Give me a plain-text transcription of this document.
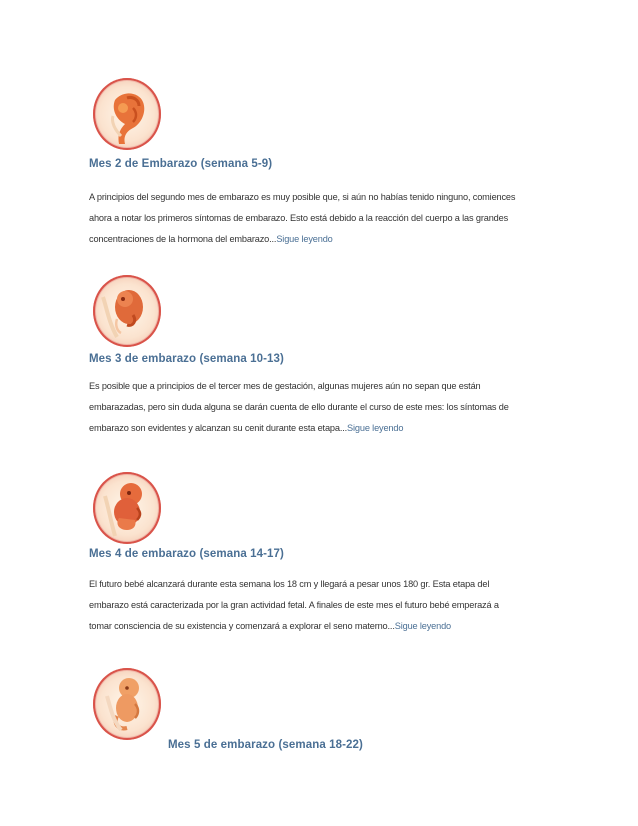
Mes 2 de Embarazo (semana 5-9)
A principios del segundo mes de embarazo es muy posible que, si aún no habías tenido ninguno, comiences
ahora a notar los primeros síntomas de embarazo. Esto está debido a la reacción del cuerpo a las grandes
concentraciones de la hormona del embarazo...Sigue leyendo
Mes 3 de embarazo (semana 10-13)
Es posible que a principios de el tercer mes de gestación, algunas mujeres aún no sepan que están
embarazadas, pero sin duda alguna se darán cuenta de ello durante el curso de este mes: los síntomas de
embarazo son evidentes y alcanzan su cenit durante esta etapa...Sigue leyendo
Mes 4 de embarazo (semana 14-17)
El futuro bebé alcanzará durante esta semana los 18 cm y llegará a pesar unos 180 gr. Esta etapa del
embarazo está caracterizada por la gran actividad fetal. A finales de este mes el futuro bebé emperazá a
tomar consciencia de su existencia y comenzará a explorar el seno materno...Sigue leyendo
Mes 5 de embarazo (semana 18-22)
